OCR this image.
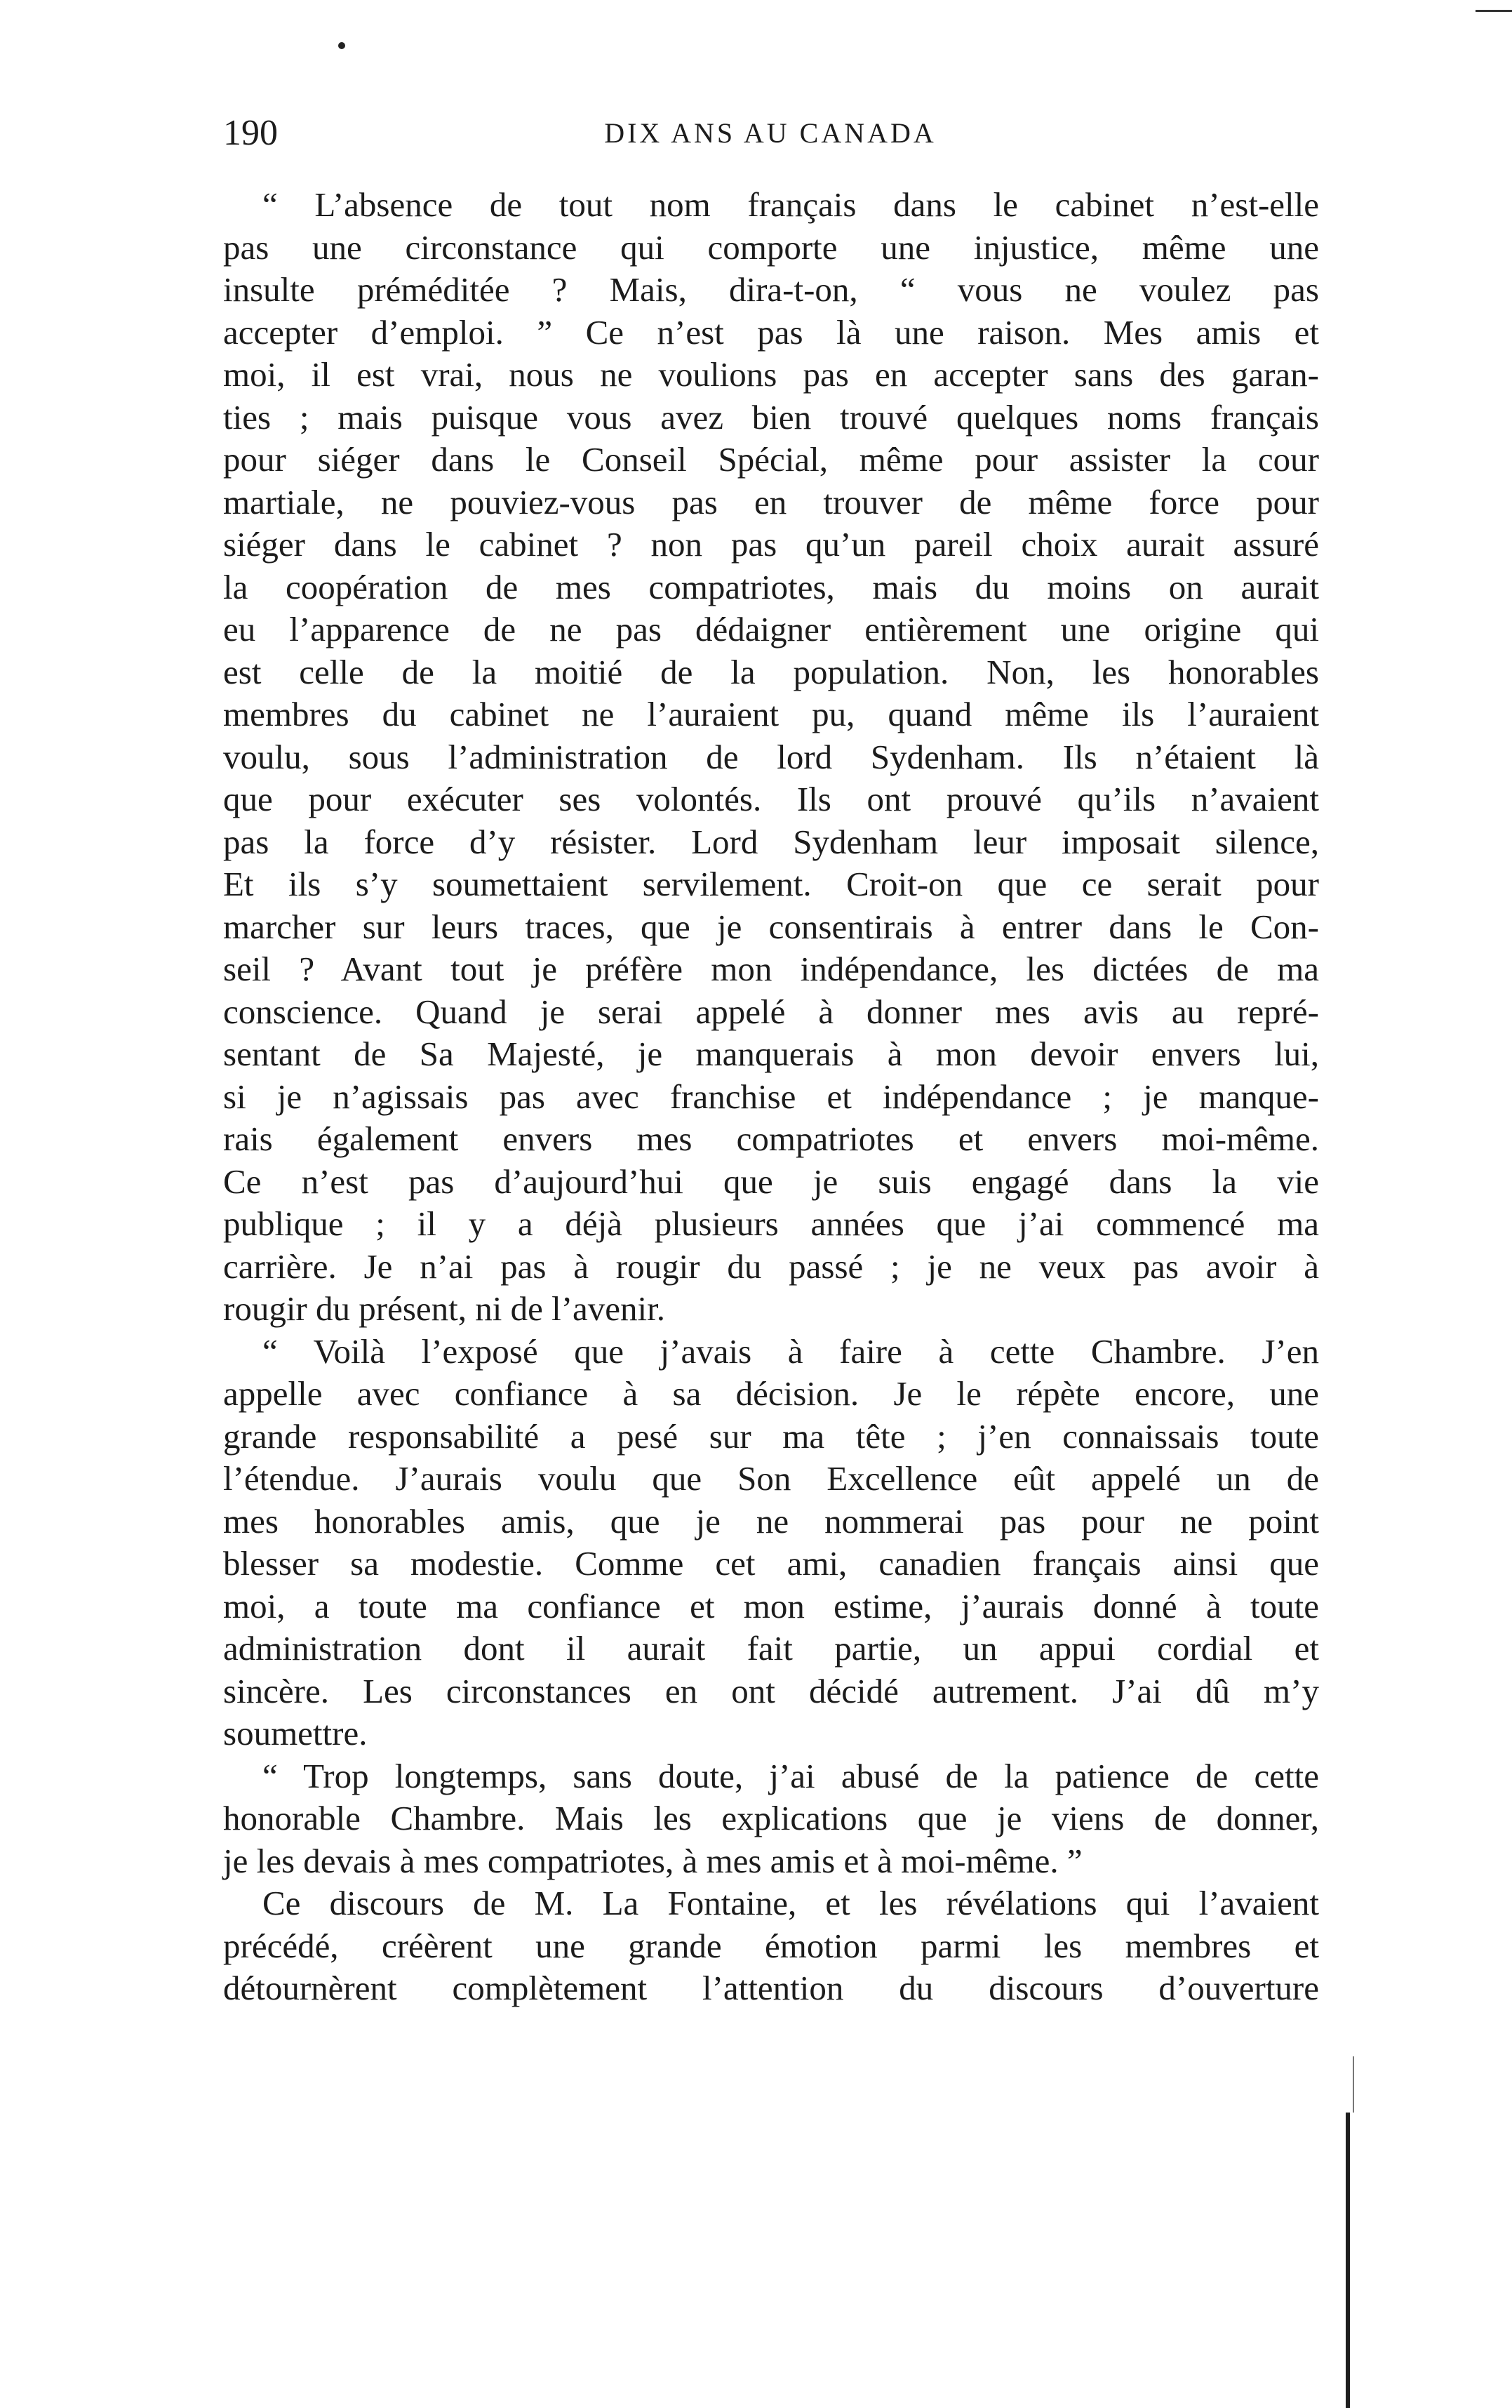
190	DIX ANS AU CANADA
“ L’absence de tout nom français dans le cabinet n’est-elle
pas une circonstance qui comporte une injustice, même une
insulte préméditée ? Mais, dira-t-on, “ vous ne voulez pas
accepter d’emploi. ” Ce n’est pas là une raison. Mes amis et
moi, il est vrai, nous ne voulions pas en accepter sans des garan-
ties ; mais puisque vous avez bien trouvé quelques noms français
pour siéger dans le Conseil Spécial, même pour assister la cour
martiale, ne pouviez-vous pas en trouver de même force pour
siéger dans le cabinet ? non pas qu’un pareil choix aurait assuré
la coopération de mes compatriotes, mais du moins on aurait
eu l’apparence de ne pas dédaigner entièrement une origine qui
est celle de la moitié de la population. Non, les honorables
membres du cabinet ne l’auraient pu, quand même ils l’auraient
voulu, sous l’administration de lord Sydenham. Ils n’étaient là
que pour exécuter ses volontés. Ils ont prouvé qu’ils n’avaient
pas la force d’y résister. Lord Sydenham leur imposait silence,
Et ils s’y soumettaient servilement. Croit-on que ce serait pour
marcher sur leurs traces, que je consentirais à entrer dans le Con-
seil ? Avant tout je préfère mon indépendance, les dictées de ma
conscience. Quand je serai appelé à donner mes avis au repré-
sentant de Sa Majesté, je manquerais à mon devoir envers lui,
si je n’agissais pas avec franchise et indépendance ; je manque-
rais également envers mes compatriotes et envers moi-même.
Ce n’est pas d’aujourd’hui que je suis engagé dans la vie
publique ; il y a déjà plusieurs années que j’ai commencé ma
carrière. Je n’ai pas à rougir du passé ; je ne veux pas avoir à
rougir du présent, ni de l’avenir.
“ Voilà l’exposé que j’avais à faire à cette Chambre. J’en
appelle avec confiance à sa décision. Je le répète encore, une
grande responsabilité a pesé sur ma tête ; j’en connaissais toute
l’étendue. J’aurais voulu que Son Excellence eût appelé un de
mes honorables amis, que je ne nommerai pas pour ne point
blesser sa modestie. Comme cet ami, canadien français ainsi que
moi, a toute ma confiance et mon estime, j’aurais donné à toute
administration dont il aurait fait partie, un appui cordial et
sincère. Les circonstances en ont décidé autrement. J’ai dû m’y
soumettre.
“ Trop longtemps, sans doute, j’ai abusé de la patience de cette
honorable Chambre. Mais les explications que je viens de donner,
je les devais à mes compatriotes, à mes amis et à moi-même. ”
Ce discours de M. La Fontaine, et les révélations qui l’avaient
précédé, créèrent une grande émotion parmi les membres et
détournèrent complètement l’attention du discours d’ouverture
